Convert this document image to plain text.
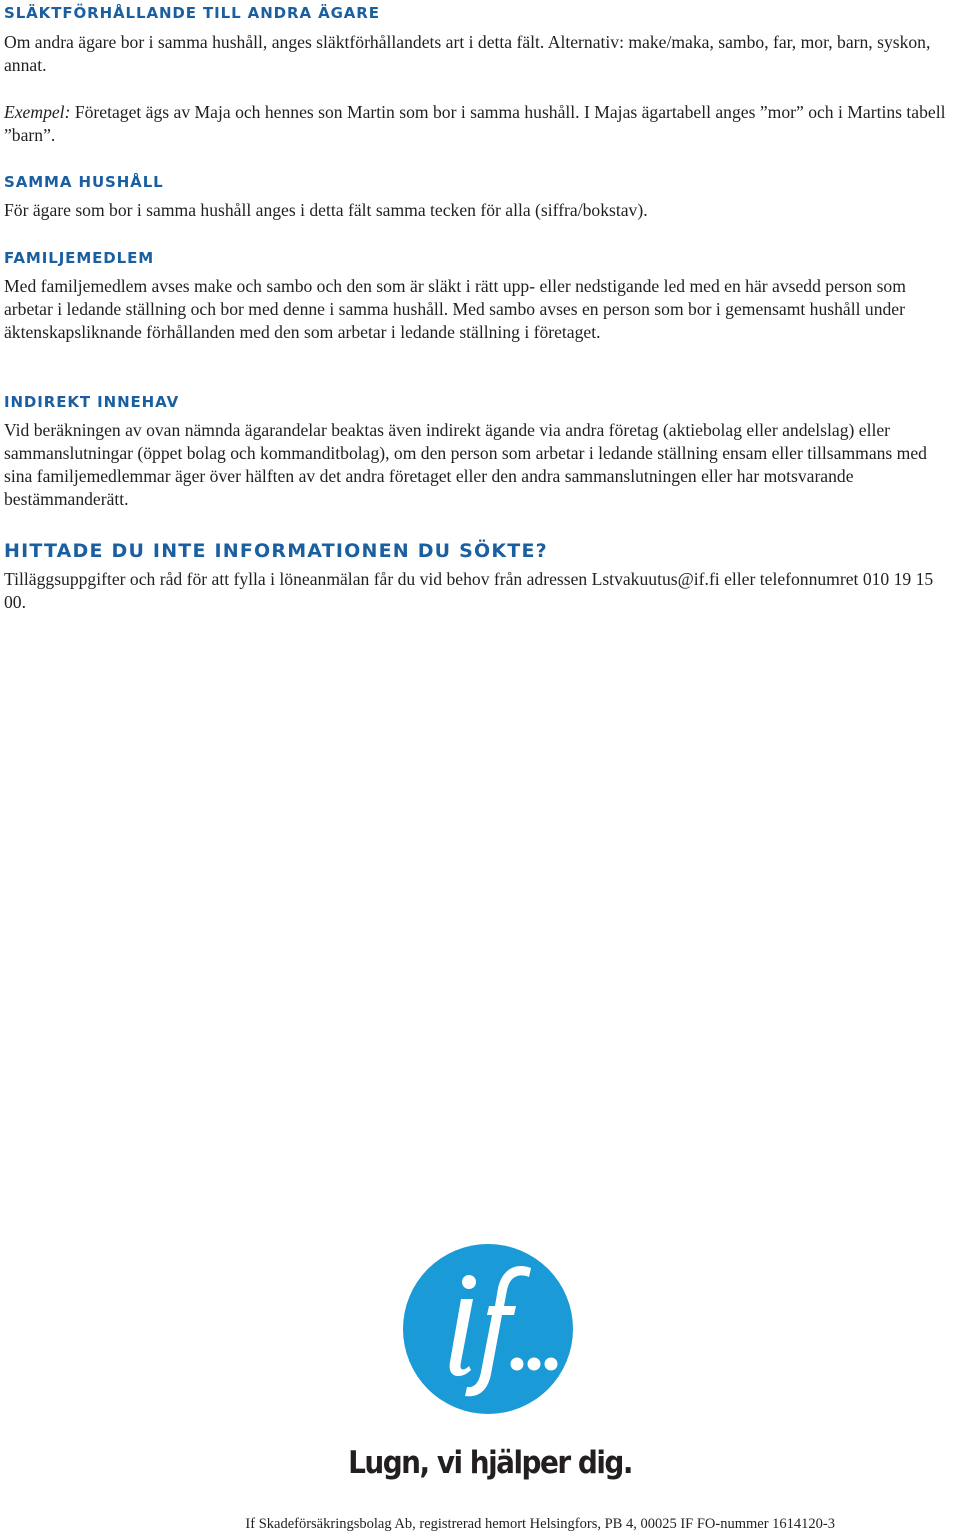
SLÄKTFÖRHÅLLANDE TILL ANDRA ÄGARE

Om andra ägare bor i samma hushåll, anges släktförhållandets art i detta fält. Alternativ: make/maka, sambo, far, mor, barn, syskon, annat.

Exempel: Företaget ägs av Maja och hennes son Martin som bor i samma hushåll. I Majas ägartabell anges ”mor” och i Martins tabell ”barn”.

SAMMA HUSHÅLL

För ägare som bor i samma hushåll anges i detta fält samma tecken för alla (siffra/bokstav).

FAMILJEMEDLEM

Med familjemedlem avses make och sambo och den som är släkt i rätt upp- eller nedstigande led med en här avsedd person som arbetar i ledande ställning och bor med denne i samma hushåll. Med sambo avses en person som bor i gemensamt hushåll under äktenskapsliknande förhållanden med den som arbetar i ledande ställning i företaget.

INDIREKT INNEHAV

Vid beräkningen av ovan nämnda ägarandelar beaktas även indirekt ägande via andra företag (aktiebolag eller andelslag) eller sammanslutningar (öppet bolag och kommanditbolag), om den person som arbetar i ledande ställning ensam eller tillsammans med sina familjemedlemmar äger över hälften av det andra företaget eller den andra sammanslutningen eller har motsvarande bestämmanderätt.

HITTADE DU INTE INFORMATIONEN DU SÖKTE?

Tilläggsuppgifter och råd för att fylla i löneanmälan får du vid behov från adressen Lstvakuutus@if.fi eller telefonnumret 010 19 15 00.

Lugn, vi hjälper dig.
If Skadeförsäkringsbolag Ab, registrerad hemort Helsingfors, PB 4, 00025 IF FO-nummer 1614120-3
